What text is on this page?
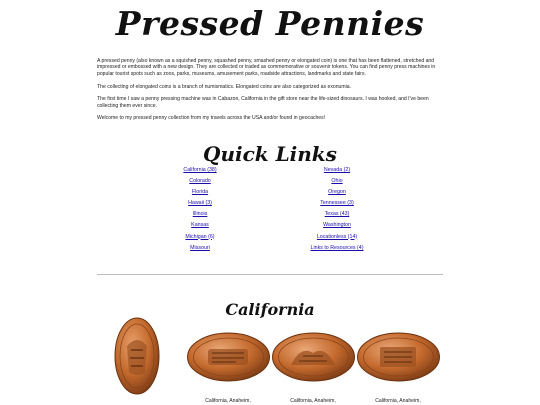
Pressed Pennies

A pressed penny (also known as a squished penny, squashed penny, smashed penny or elongated coin) is one that has been flattened, stretched and impressed or embossed with a new design. They are collected or traded as commemorative or souvenir tokens. You can find penny press machines in popular tourist spots such as zoos, parks, museums, amusement parks, roadside attractions, landmarks and state fairs.

The collecting of elongated coins is a branch of numismatics. Elongated coins are also categorized as exonumia.

The first time I saw a penny pressing machine was in Cabazon, California in the gift store near the life-sized dinosaurs. I was hooked, and I've been collecting them ever since.

Welcome to my pressed penny collection from my travels across the USA and/or found in geocaches!

Quick Links
California (38)
Colorado
Florida
Hawaii (3)
Illinois
Kansas
Michigan (6)
Missouri
Nevada (2)
Ohio
Oregon
Tennessee (3)
Texas (43)
Washington
Locationless (14)
Links to Resources (4)
California
California, Anaheim,	California, Anaheim,	California, Anaheim,
